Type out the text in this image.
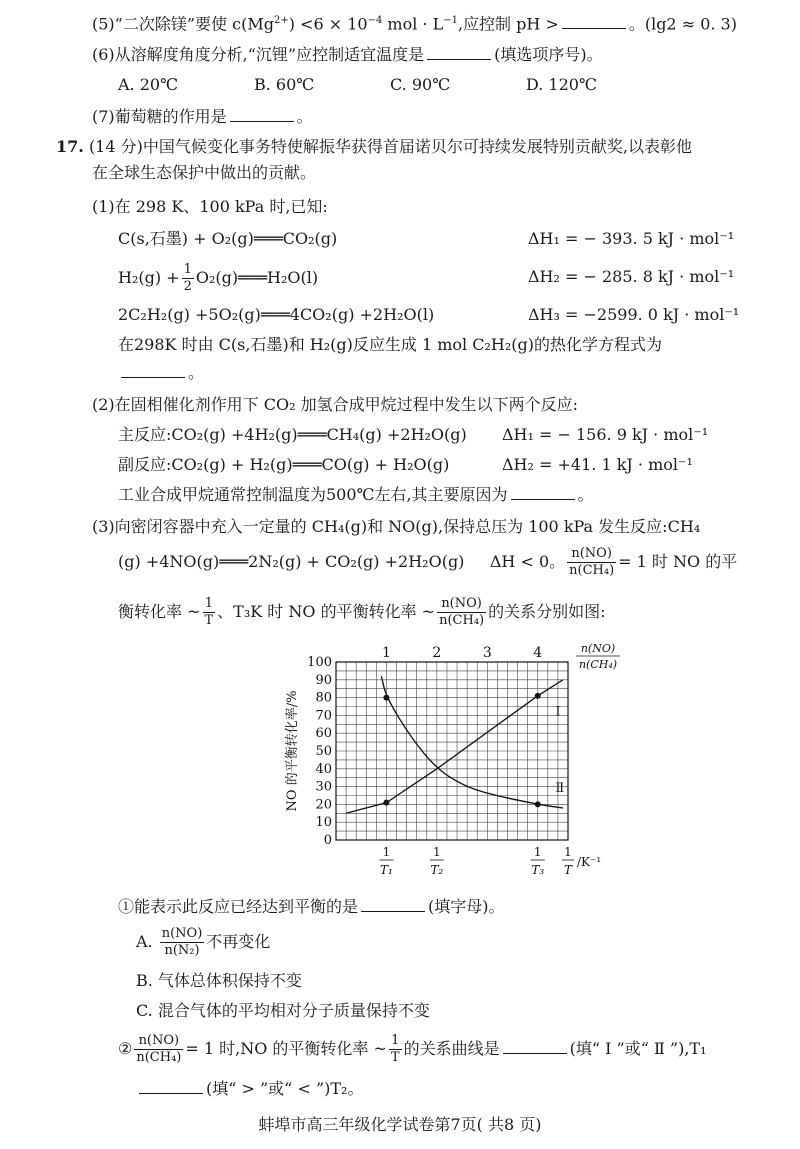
(5)“二次除镁”要使 $c(Mg^{2+}) <6 \times 10^{-4}$ mol · $L^{-1}$,应控制 pH >	。(lg2 ≈ 0. 3)
(6)从溶解度角度分析,“沉锂”应控制适宜温度是	(填选项序号)。
A. 20℃	B. 60℃	C. 90℃	D. 120℃
(7)葡萄糖的作用是	。
17. (14 分)中国气候变化事务特使解振华获得首届诺贝尔可持续发展特别贡献奖,以表彰他
在全球生态保护中做出的贡献。
(1)在 298 K、100 kPa 时,已知:
C(s,石墨) + O₂(g)═══CO₂(g)	ΔH₁ = − 393. 5 kJ · mol⁻¹
$H_2(g) + \frac{1}{2}$ O₂(g)═══H₂O(l)	ΔH₂ = − 285. 8 kJ · mol⁻¹
2C₂H₂(g) +5O₂(g)═══4CO₂(g) +2H₂O(l)	ΔH₃ = −2599. 0 kJ · mol⁻¹
在298K 时由 C(s,石墨)和 H₂(g)反应生成 1 mol C₂H₂(g)的热化学方程式为
。
(2)在固相催化剂作用下 CO₂ 加氢合成甲烷过程中发生以下两个反应:
主反应:CO₂(g) +4H₂(g)═══CH₄(g) +2H₂O(g) ΔH₁ = − 156. 9 kJ · mol⁻¹
副反应:CO₂(g) + H₂(g)═══CO(g) + H₂O(g)	ΔH₂ = +41. 1 kJ · mol⁻¹
工业合成甲烷通常控制温度为500℃左右,其主要原因为	。
(3)向密闭容器中充入一定量的 CH₄(g)和 NO(g),保持总压为 100 kPa 发生反应:CH₄
(g) +4NO(g)═══2N₂(g) + CO₂(g) +2H₂O(g) ΔH < 0。 $\frac{n(NO)}{\text{n(CH₄)}} = 1$ 时 NO 的平
衡转化率 ~ $\frac{1}{T}$ 、T₃K 时 NO 的平衡转化率 ~ $\frac{n(NO)}{\text{n(CH₄)}}$ 的关系分别如图:
0
10
20
30
40
50
60
70
80
90
100
NO 的平衡转化率/%
1	2	3	4	n(NO)
n(CH₄)
1
T₁
1
T₂
1
T₃
1
T
/K⁻¹
Ⅰ
Ⅱ
①能表示此反应已经达到平衡的是	(填字母)。
A. $\frac{n(NO)}{\text{n(N₂)}}$ 不再变化
B. 气体总体积保持不变
C. 混合气体的平均相对分子质量保持不变
② $\frac{n(NO)}{\text{n(CH₄)}} = 1$ 时,NO 的平衡转化率 ~ $\frac{1}{T}$ 的关系曲线是	(填“ Ⅰ ”或“ Ⅱ ”),T₁
(填“ > ”或“ < ”)T₂。
蚌埠市高三年级化学试卷第7页( 共8 页)
